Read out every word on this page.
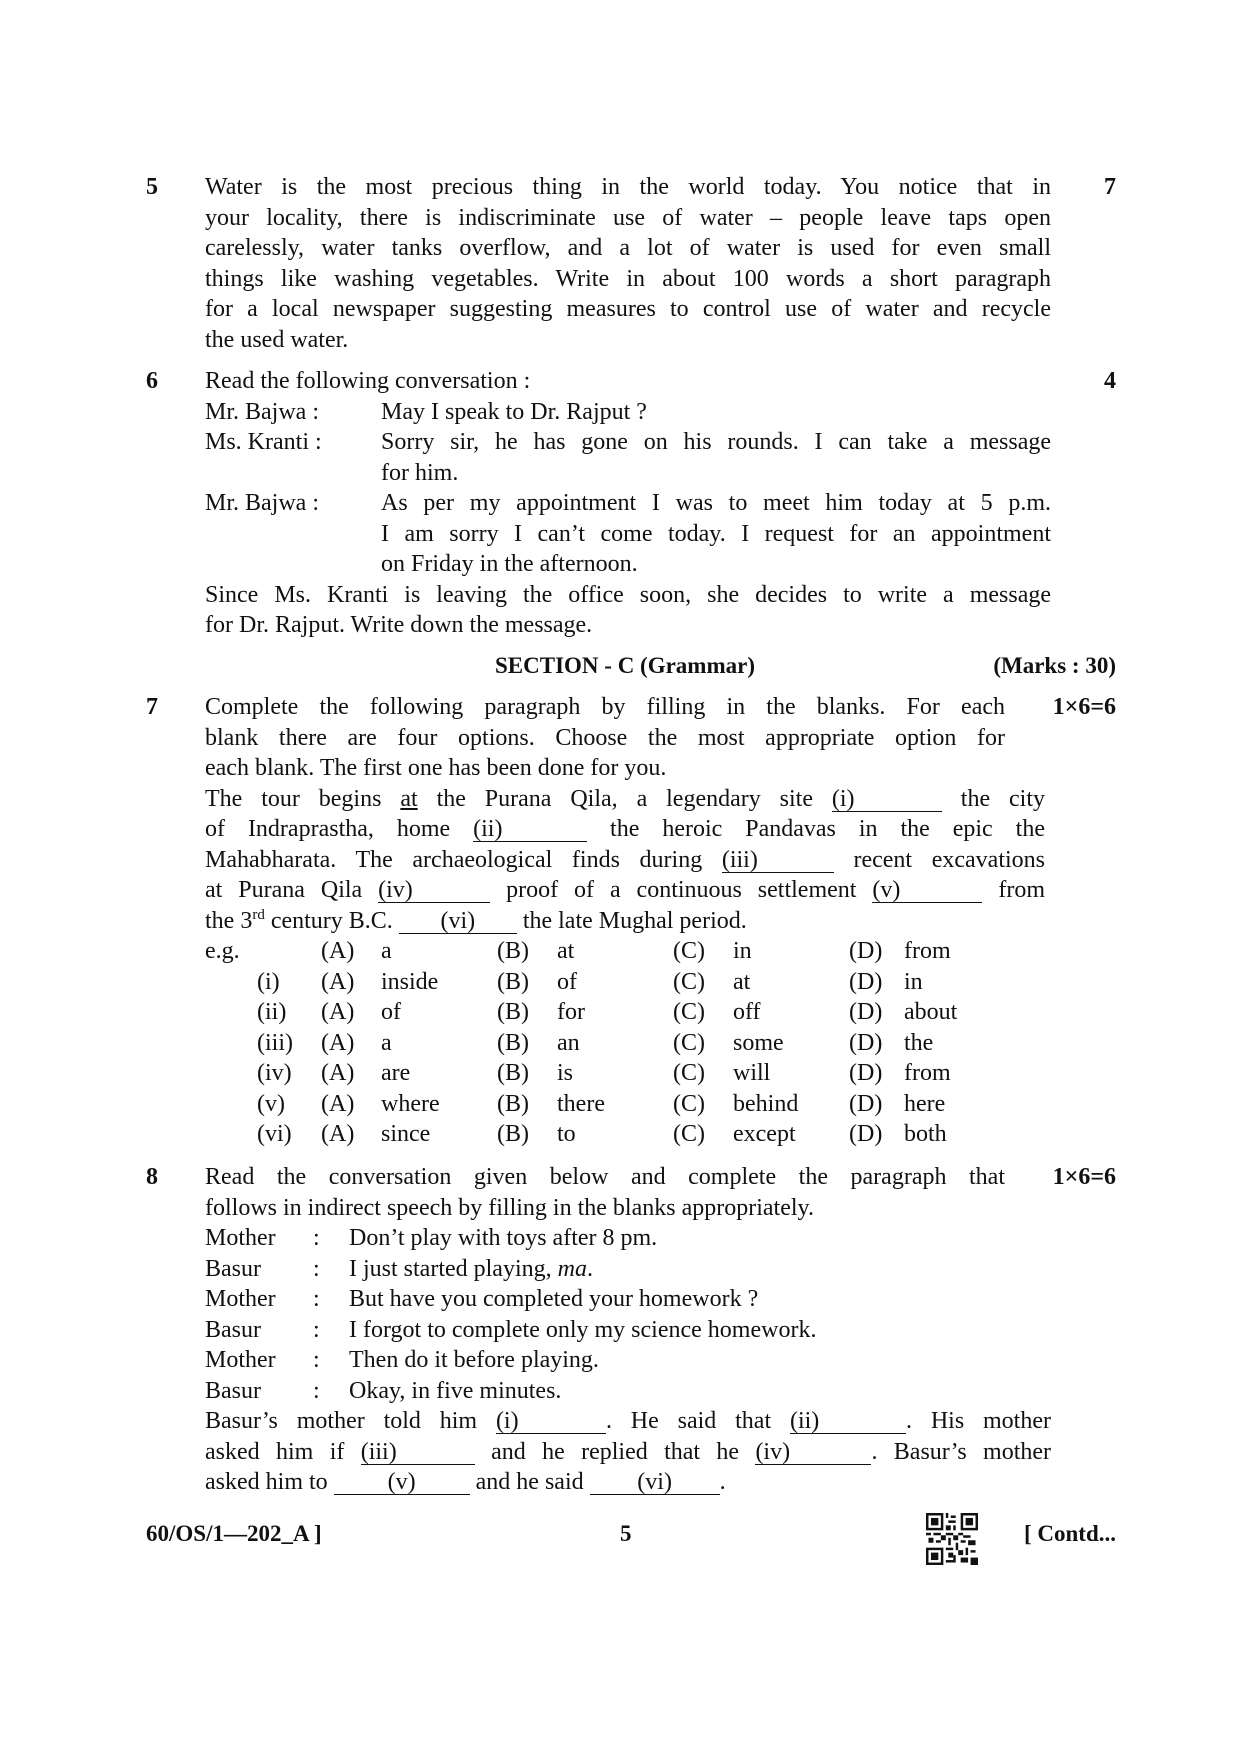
5	7
Water is the most precious thing in the world today. You notice that in
your locality, there is indiscriminate use of water – people leave taps open
carelessly, water tanks overflow, and a lot of water is used for even small
things like washing vegetables. Write in about 100 words a short paragraph
for a local newspaper suggesting measures to control use of water and recycle
the used water.
6	4
Read the following conversation :
Mr. Bajwa :	May I speak to Dr. Rajput ?
Ms. Kranti :	Sorry sir, he has gone on his rounds. I can take a message
for him.
Mr. Bajwa :	As per my appointment I was to meet him today at 5 p.m.
I am sorry I can’t come today. I request for an appointment
on Friday in the afternoon.
Since Ms. Kranti is leaving the office soon, she decides to write a message
for Dr. Rajput. Write down the message.
SECTION - C (Grammar)	(Marks : 30)
7	1×6=6
Complete the following paragraph by filling in the blanks. For each
blank there are four options. Choose the most appropriate option for
each blank. The first one has been done for you.
The tour begins at the Purana Qila, a legendary site (i)	the city
of Indraprastha, home (ii)	the heroic Pandavas in the epic the
Mahabharata. The archaeological finds during (iii)	recent excavations
at Purana Qila (iv)	proof of a continuous settlement (v)	from
the 3rd century B.C. (vi) the late Mughal period.
e.g.	(A)	a	(B)	at	(C)	in	(D) from
(i)	(A)	inside	(B)	of	(C)	at	(D) in
(ii)	(A)	of	(B)	for	(C)	off	(D) about
(iii)	(A)	a	(B)	an	(C)	some	(D) the
(iv)	(A)	are	(B)	is	(C)	will	(D) from
(v)	(A)	where	(B)	there	(C)	behind	(D) here
(vi)	(A)	since	(B)	to	(C)	except	(D) both
8	1×6=6
Read the conversation given below and complete the paragraph that
follows in indirect speech by filling in the blanks appropriately.
Mother	:	Don’t play with toys after 8 pm.
Basur	:	I just started playing, ma.
Mother	:	But have you completed your homework ?
Basur	:	I forgot to complete only my science homework.
Mother	:	Then do it before playing.
Basur	:	Okay, in five minutes.
Basur’s mother told him (i)	. He said that (ii)	. His mother
asked him if (iii)	and he replied that he (iv)	. Basur’s mother
asked him to (v) and he said (vi) .
60/OS/1—202_A ]	5	[ Contd...
